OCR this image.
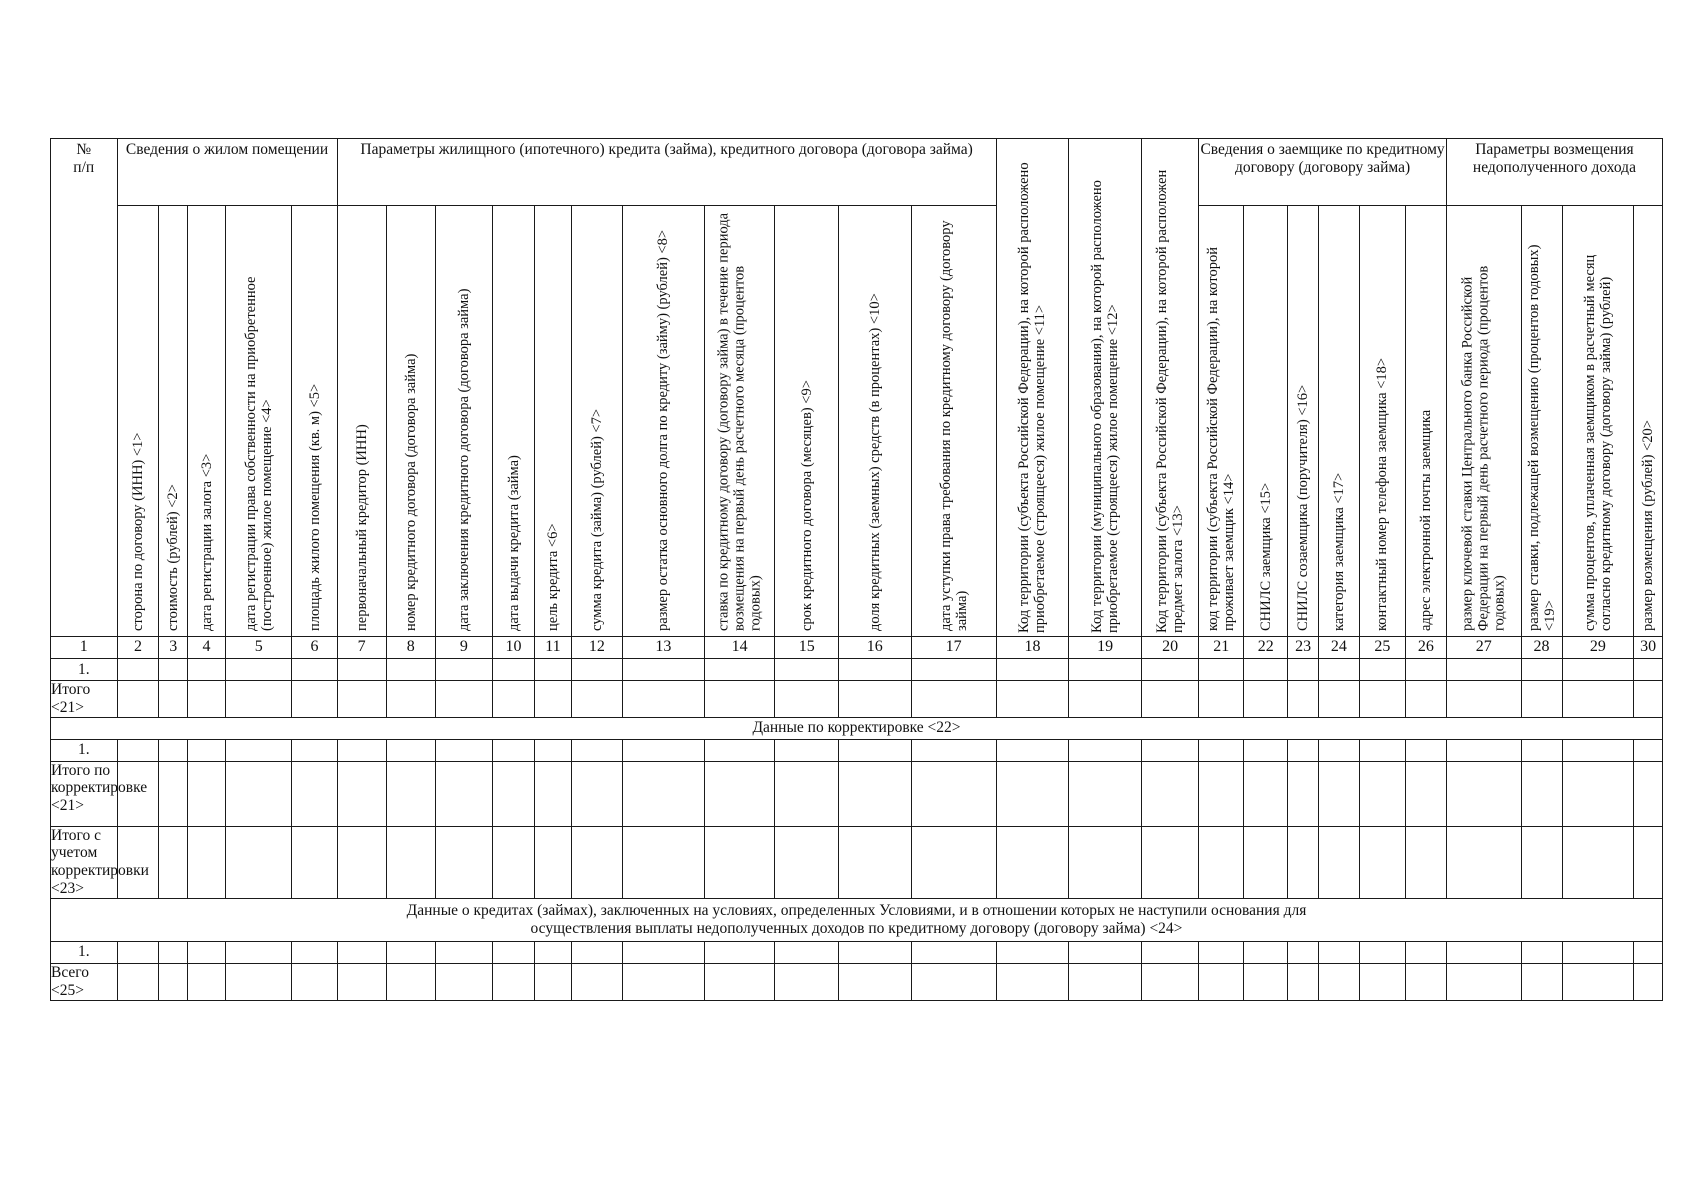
№
п/п	Сведения о жилом помещении					Параметры жилищного (ипотечного) кредита (займа), кредитного договора (договора займа)											Код территории (субъекта Российской Федерации), на которой расположено приобретаемое (строящееся) жилое помещение <11>	Код территории (муниципального образования), на которой расположено приобретаемое (строящееся) жилое помещение <12>	Код территории (субъекта Российской Федерации), на которой расположен предмет залога <13>	Сведения о заемщике по кредитному договору (договору займа)						Параметры возмещения недополученного дохода			

	сторона по договору (ИНН) <1>	стоимость (рублей) <2>	дата регистрации залога <3>	дата регистрации права собственности на приобретенное (построенное) жилое помещение <4>	площадь жилого помещения (кв. м) <5>	первоначальный кредитор (ИНН)	номер кредитного договора (договора займа)	дата заключения кредитного договора (договора займа)	дата выдачи кредита (займа)	цель кредита <6>	сумма кредита (займа) (рублей) <7>	размер остатка основного долга по кредиту (займу) (рублей) <8>	ставка по кредитному договору (договору займа) в течение периода возмещения на первый день расчетного месяца (процентов годовых)	срок кредитного договора (месяцев) <9>	доля кредитных (заемных) средств (в процентах) <10>	дата уступки права требования по кредитному договору (договору займа)				код территории (субъекта Российской Федерации), на которой проживает заемщик <14>	СНИЛС заемщика <15>	СНИЛС созаемщика (поручителя) <16>	категория заемщика <17>	контактный номер телефона заемщика <18>	адрес электронной почты заемщика	размер ключевой ставки Центрального банка Российской Федерации на первый день расчетного периода (процентов годовых)	размер ставки, подлежащей возмещению (процентов годовых) <19>	сумма процентов, уплаченная заемщиком в расчетный месяц согласно кредитному договору (договору займа) (рублей)	размер возмещения (рублей) <20>

1	2	3	4	5	6	7	8	9	10	11	12	13	14	15	16	17	18	19	20	21	22	23	24	25	26	27	28	29	30
1.																													
Итого <21>																													
Данные по корректировке <22>																													
1.																													
Итого по корректировке <21>																													
Итого с учетом корректировки <23>																													
Данные о кредитах (займах), заключенных на условиях, определенных Условиями, и в отношении которых не наступили основания для осуществления выплаты недополученных доходов по кредитному договору (договору займа) <24>																													
1.																													
Всего <25>																													
